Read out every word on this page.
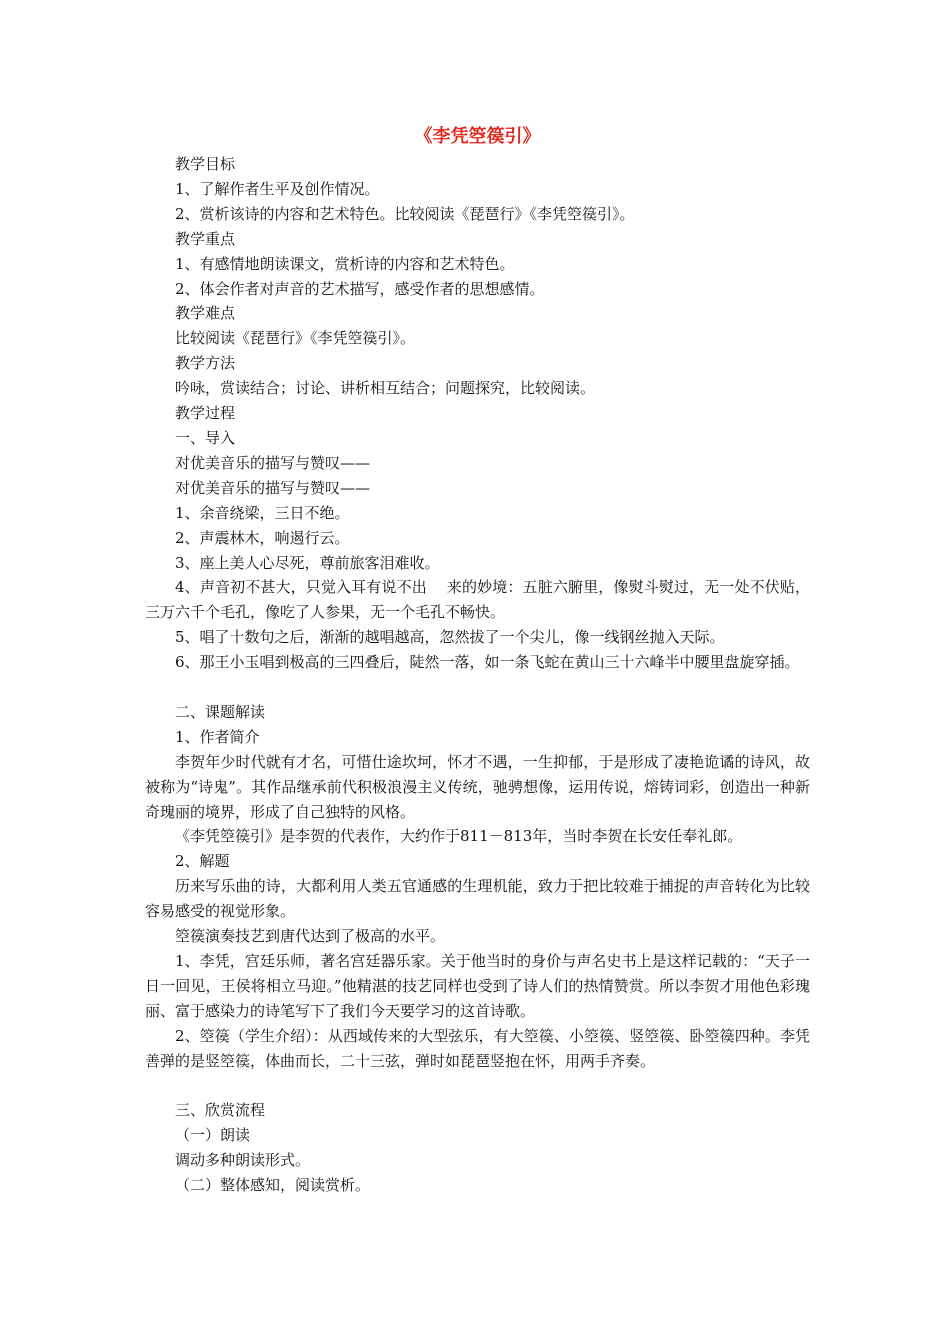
《李凭箜篌引》

教学目标

1、了解作者生平及创作情况。

2、赏析该诗的内容和艺术特色。比较阅读《琵琶行》《李凭箜篌引》。

教学重点

1、有感情地朗读课文，赏析诗的内容和艺术特色。

2、体会作者对声音的艺术描写，感受作者的思想感情。

教学难点

比较阅读《琵琶行》《李凭箜篌引》。

教学方法

吟咏，赏读结合；讨论、讲析相互结合；问题探究，比较阅读。

教学过程

一、导入

对优美音乐的描写与赞叹——

对优美音乐的描写与赞叹——

1、余音绕梁，三日不绝。

2、声震林木，响遏行云。

3、座上美人心尽死，尊前旅客泪难收。

4、声音初不甚大，只觉入耳有说不出　 来的妙境：五脏六腑里，像熨斗熨过，无一处不伏贴，三万六千个毛孔，像吃了人参果，无一个毛孔不畅快。

5、唱了十数句之后，渐渐的越唱越高，忽然拔了一个尖儿，像一线钢丝抛入天际。

6、那王小玉唱到极高的三四叠后，陡然一落，如一条飞蛇在黄山三十六峰半中腰里盘旋穿插。

二、课题解读

1、作者简介

李贺年少时代就有才名，可惜仕途坎坷，怀才不遇，一生抑郁，于是形成了凄艳诡谲的诗风，故被称为“诗鬼”。其作品继承前代积极浪漫主义传统，驰骋想像，运用传说，熔铸词彩，创造出一种新奇瑰丽的境界，形成了自己独特的风格。

《李凭箜篌引》是李贺的代表作，大约作于811－813年，当时李贺在长安任奉礼郎。

2、解题

历来写乐曲的诗，大都利用人类五官通感的生理机能，致力于把比较难于捕捉的声音转化为比较容易感受的视觉形象。

箜篌演奏技艺到唐代达到了极高的水平。

1、李凭，宫廷乐师，著名宫廷器乐家。关于他当时的身价与声名史书上是这样记载的：“天子一日一回见，王侯将相立马迎。”他精湛的技艺同样也受到了诗人们的热情赞赏。所以李贺才用他色彩瑰丽、富于感染力的诗笔写下了我们今天要学习的这首诗歌。

2、箜篌（学生介绍）：从西域传来的大型弦乐，有大箜篌、小箜篌、竖箜篌、卧箜篌四种。李凭善弹的是竖箜篌，体曲而长，二十三弦，弹时如琵琶竖抱在怀，用两手齐奏。

三、欣赏流程

（一）朗读

调动多种朗读形式。

（二）整体感知，阅读赏析。
